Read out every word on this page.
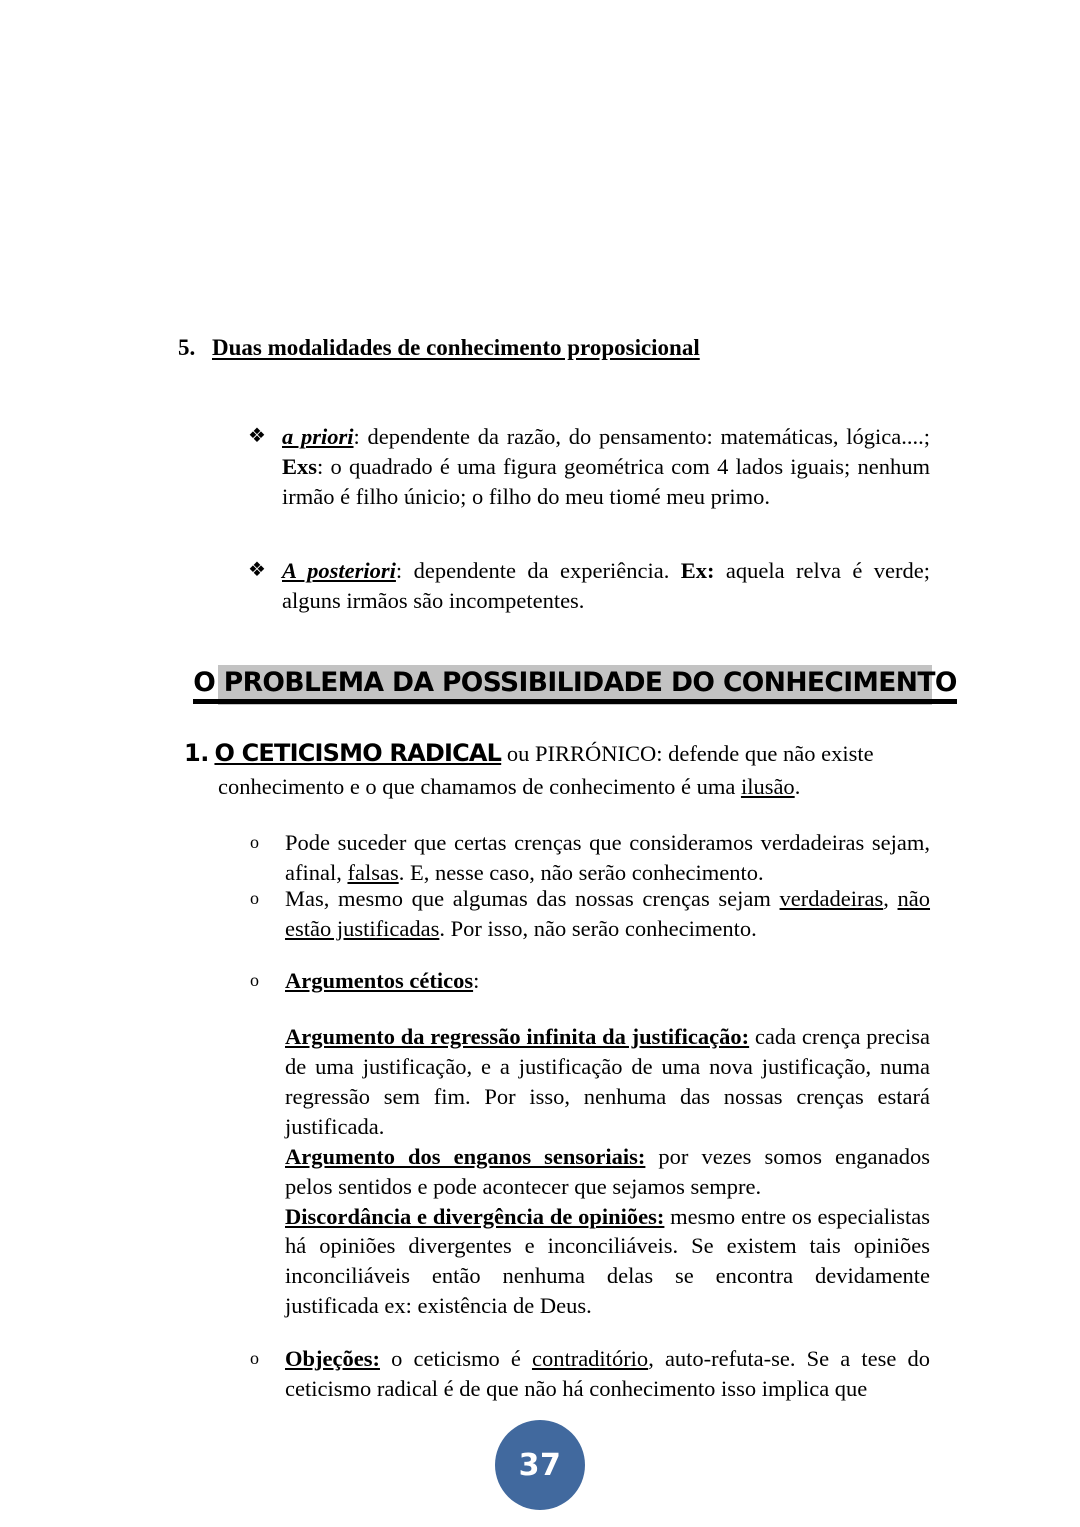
5. Duas modalidades de conhecimento proposicional
❖ a priori: dependente da razão, do pensamento: matemáticas, lógica....; Exs: o quadrado é uma figura geométrica com 4 lados iguais; nenhum irmão é filho únicio; o filho do meu tiomé meu primo.
❖ A posteriori: dependente da experiência. Ex: aquela relva é verde; alguns irmãos são incompetentes.
O PROBLEMA DA POSSIBILIDADE DO CONHECIMENTO
1. O CETICISMO RADICAL ou PIRRÓNICO: defende que não existe
conhecimento e o que chamamos de conhecimento é uma ilusão.
o Pode suceder que certas crenças que consideramos verdadeiras sejam, afinal, falsas. E, nesse caso, não serão conhecimento.
o Mas, mesmo que algumas das nossas crenças sejam verdadeiras, não estão justificadas. Por isso, não serão conhecimento.
o Argumentos céticos:

Argumento da regressão infinita da justificação: cada crença precisa de uma justificação, e a justificação de uma nova justificação, numa regressão sem fim. Por isso, nenhuma das nossas crenças estará justificada.

Argumento dos enganos sensoriais: por vezes somos enganados pelos sentidos e pode acontecer que sejamos sempre.

Discordância e divergência de opiniões: mesmo entre os especialistas há opiniões divergentes e inconciliáveis. Se existem tais opiniões inconciliáveis então nenhuma delas se encontra devidamente justificada ex: existência de Deus.

o Objeções: o ceticismo é contraditório, auto-refuta-se. Se a tese do ceticismo radical é de que não há conhecimento isso implica que
37
